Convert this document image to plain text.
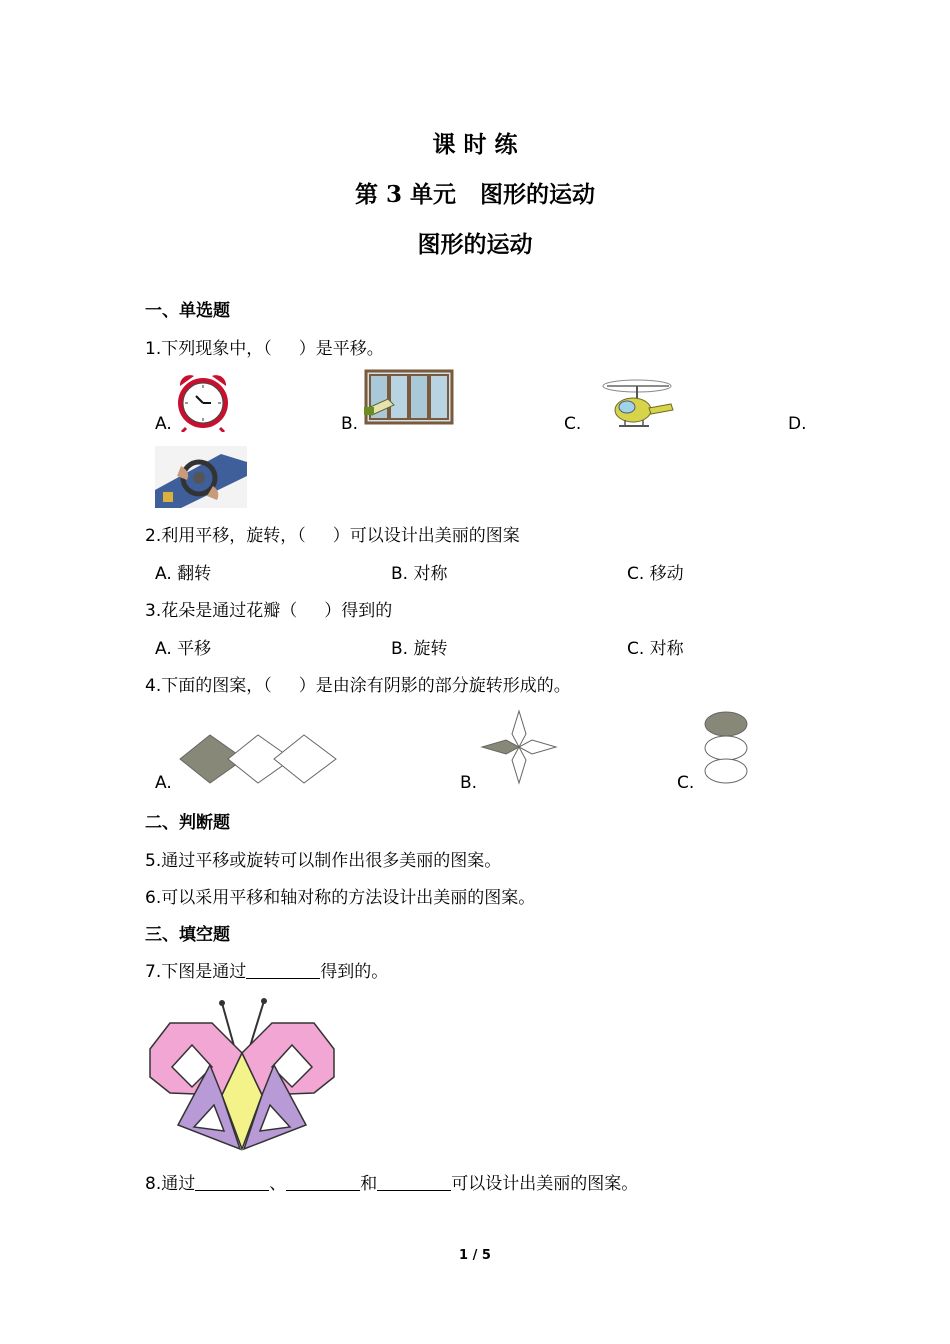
课 时 练
第 3 单元   图形的运动
图形的运动
一、单选题
1.下列现象中，（     ）是平移。
A.	B.	C.	D.
2.利用平移，旋转，（     ）可以设计出美丽的图案
A. 翻转	B. 对称	C. 移动
3.花朵是通过花瓣（     ）得到的
A. 平移	B. 旋转	C. 对称
4.下面的图案，（     ）是由涂有阴影的部分旋转形成的。
A.	B.	C.
二、判断题
5.通过平移或旋转可以制作出很多美丽的图案。
6.可以采用平移和轴对称的方法设计出美丽的图案。
三、填空题
7.下图是通过	得到的。
8.通过	、	和	可以设计出美丽的图案。
1 / 5
